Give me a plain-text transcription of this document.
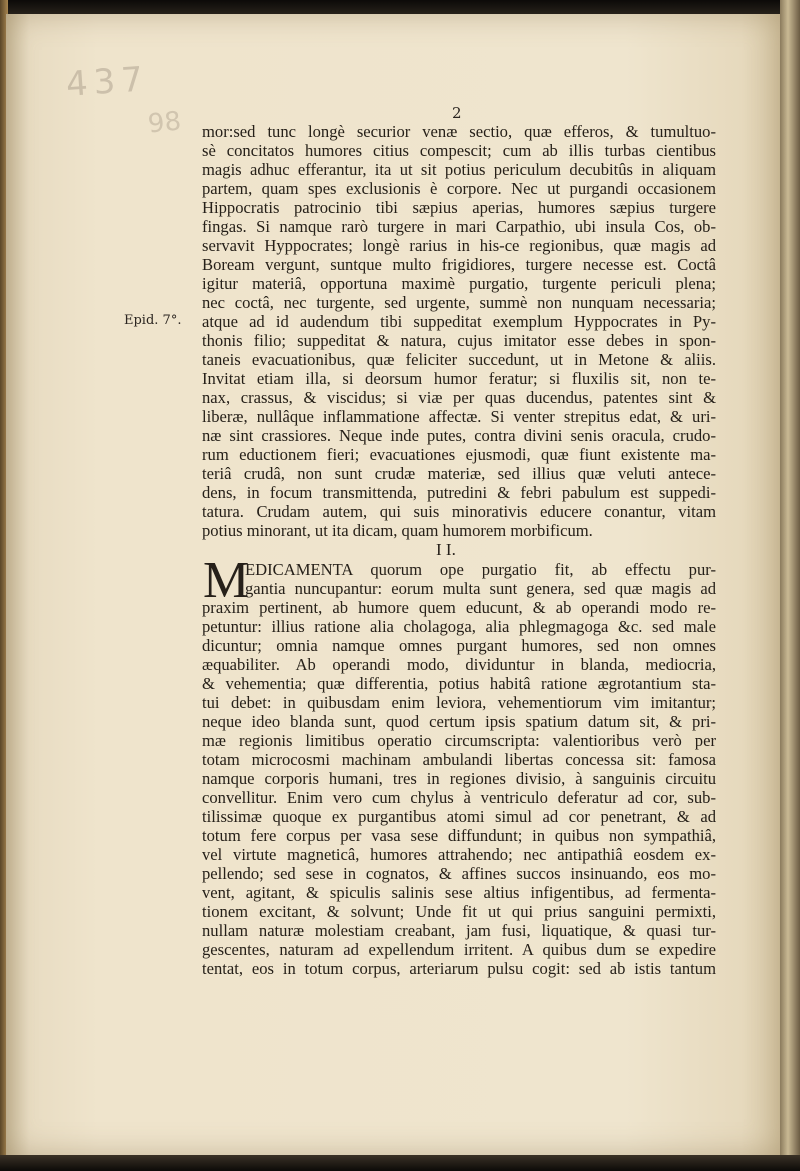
437
98	2
Epid. 7°.
mor:sed tunc longè securior venæ sectio, quæ efferos, & tumultuo-
sè concitatos humores citius compescit; cum ab illis turbas cientibus
magis adhuc efferantur, ita ut sit potius periculum decubitûs in aliquam
partem, quam spes exclusionis è corpore. Nec ut purgandi occasionem
Hippocratis patrocinio tibi sæpius aperias, humores sæpius turgere
fingas. Si namque rarò turgere in mari Carpathio, ubi insula Cos, ob-
servavit Hyppocrates; longè rarius in his-ce regionibus, quæ magis ad
Boream vergunt, suntque multo frigidiores, turgere necesse est. Coctâ
igitur materiâ, opportuna maximè purgatio, turgente periculi plena;
nec coctâ, nec turgente, sed urgente, summè non nunquam necessaria;
atque ad id audendum tibi suppeditat exemplum Hyppocrates in Py-
thonis filio; suppeditat & natura, cujus imitator esse debes in spon-
taneis evacuationibus, quæ feliciter succedunt, ut in Metone & aliis.
Invitat etiam illa, si deorsum humor feratur; si fluxilis sit, non te-
nax, crassus, & viscidus; si viæ per quas ducendus, patentes sint &
liberæ, nullâque inflammatione affectæ. Si venter strepitus edat, & uri-
næ sint crassiores. Neque inde putes, contra divini senis oracula, crudo-
rum eductionem fieri; evacuationes ejusmodi, quæ fiunt existente ma-
teriâ crudâ, non sunt crudæ materiæ, sed illius quæ veluti antece-
dens, in focum transmittenda, putredini & febri pabulum est suppedi-
tatura. Crudam autem, qui suis minorativis educere conantur, vitam
potius minorant, ut ita dicam, quam humorem morbificum.
I I.
M
EDICAMENTA quorum ope purgatio fit, ab effectu pur-
gantia nuncupantur: eorum multa sunt genera, sed quæ magis ad
praxim pertinent, ab humore quem educunt, & ab operandi modo re-
petuntur: illius ratione alia cholagoga, alia phlegmagoga &c. sed male
dicuntur; omnia namque omnes purgant humores, sed non omnes
æquabiliter. Ab operandi modo, dividuntur in blanda, mediocria,
& vehementia; quæ differentia, potius habitâ ratione ægrotantium sta-
tui debet: in quibusdam enim leviora, vehementiorum vim imitantur;
neque ideo blanda sunt, quod certum ipsis spatium datum sit, & pri-
mæ regionis limitibus operatio circumscripta: valentioribus verò per
totam microcosmi machinam ambulandi libertas concessa sit: famosa
namque corporis humani, tres in regiones divisio, à sanguinis circuitu
convellitur. Enim vero cum chylus à ventriculo deferatur ad cor, sub-
tilissimæ quoque ex purgantibus atomi simul ad cor penetrant, & ad
totum fere corpus per vasa sese diffundunt; in quibus non sympathiâ,
vel virtute magneticâ, humores attrahendo; nec antipathiâ eosdem ex-
pellendo; sed sese in cognatos, & affines succos insinuando, eos mo-
vent, agitant, & spiculis salinis sese altius infigentibus, ad fermenta-
tionem excitant, & solvunt; Unde fit ut qui prius sanguini permixti,
nullam naturæ molestiam creabant, jam fusi, liquatique, & quasi tur-
gescentes, naturam ad expellendum irritent. A quibus dum se expedire
tentat, eos in totum corpus, arteriarum pulsu cogit: sed ab istis tantum
